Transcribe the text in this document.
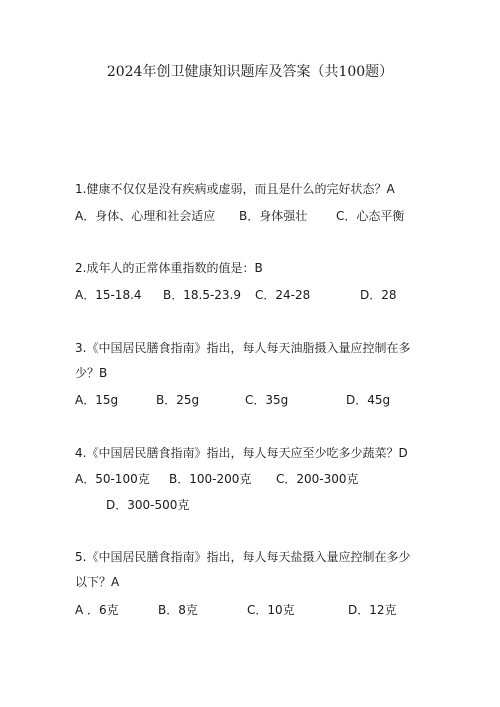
2024年创卫健康知识题库及答案（共100题）
1.健康不仅仅是没有疾病或虚弱，而且是什么的完好状态？A
A．身体、心理和社会适应 B．身体强壮 C．心态平衡
2.成年人的正常体重指数的值是：B
A．15-18.4 B．18.5-23.9 C．24-28	D．28
3.《中国居民膳食指南》指出，每人每天油脂摄入量应控制在多
少？B
A．15g	B．25g	C．35g	D．45g
4.《中国居民膳食指南》指出，每人每天应至少吃多少蔬菜？D
A．50-100克 B．100-200克 C．200-300克
D．300-500克
5.《中国居民膳食指南》指出，每人每天盐摄入量应控制在多少
以下？A
A ．6克	B．8克	C．10克	D．12克
